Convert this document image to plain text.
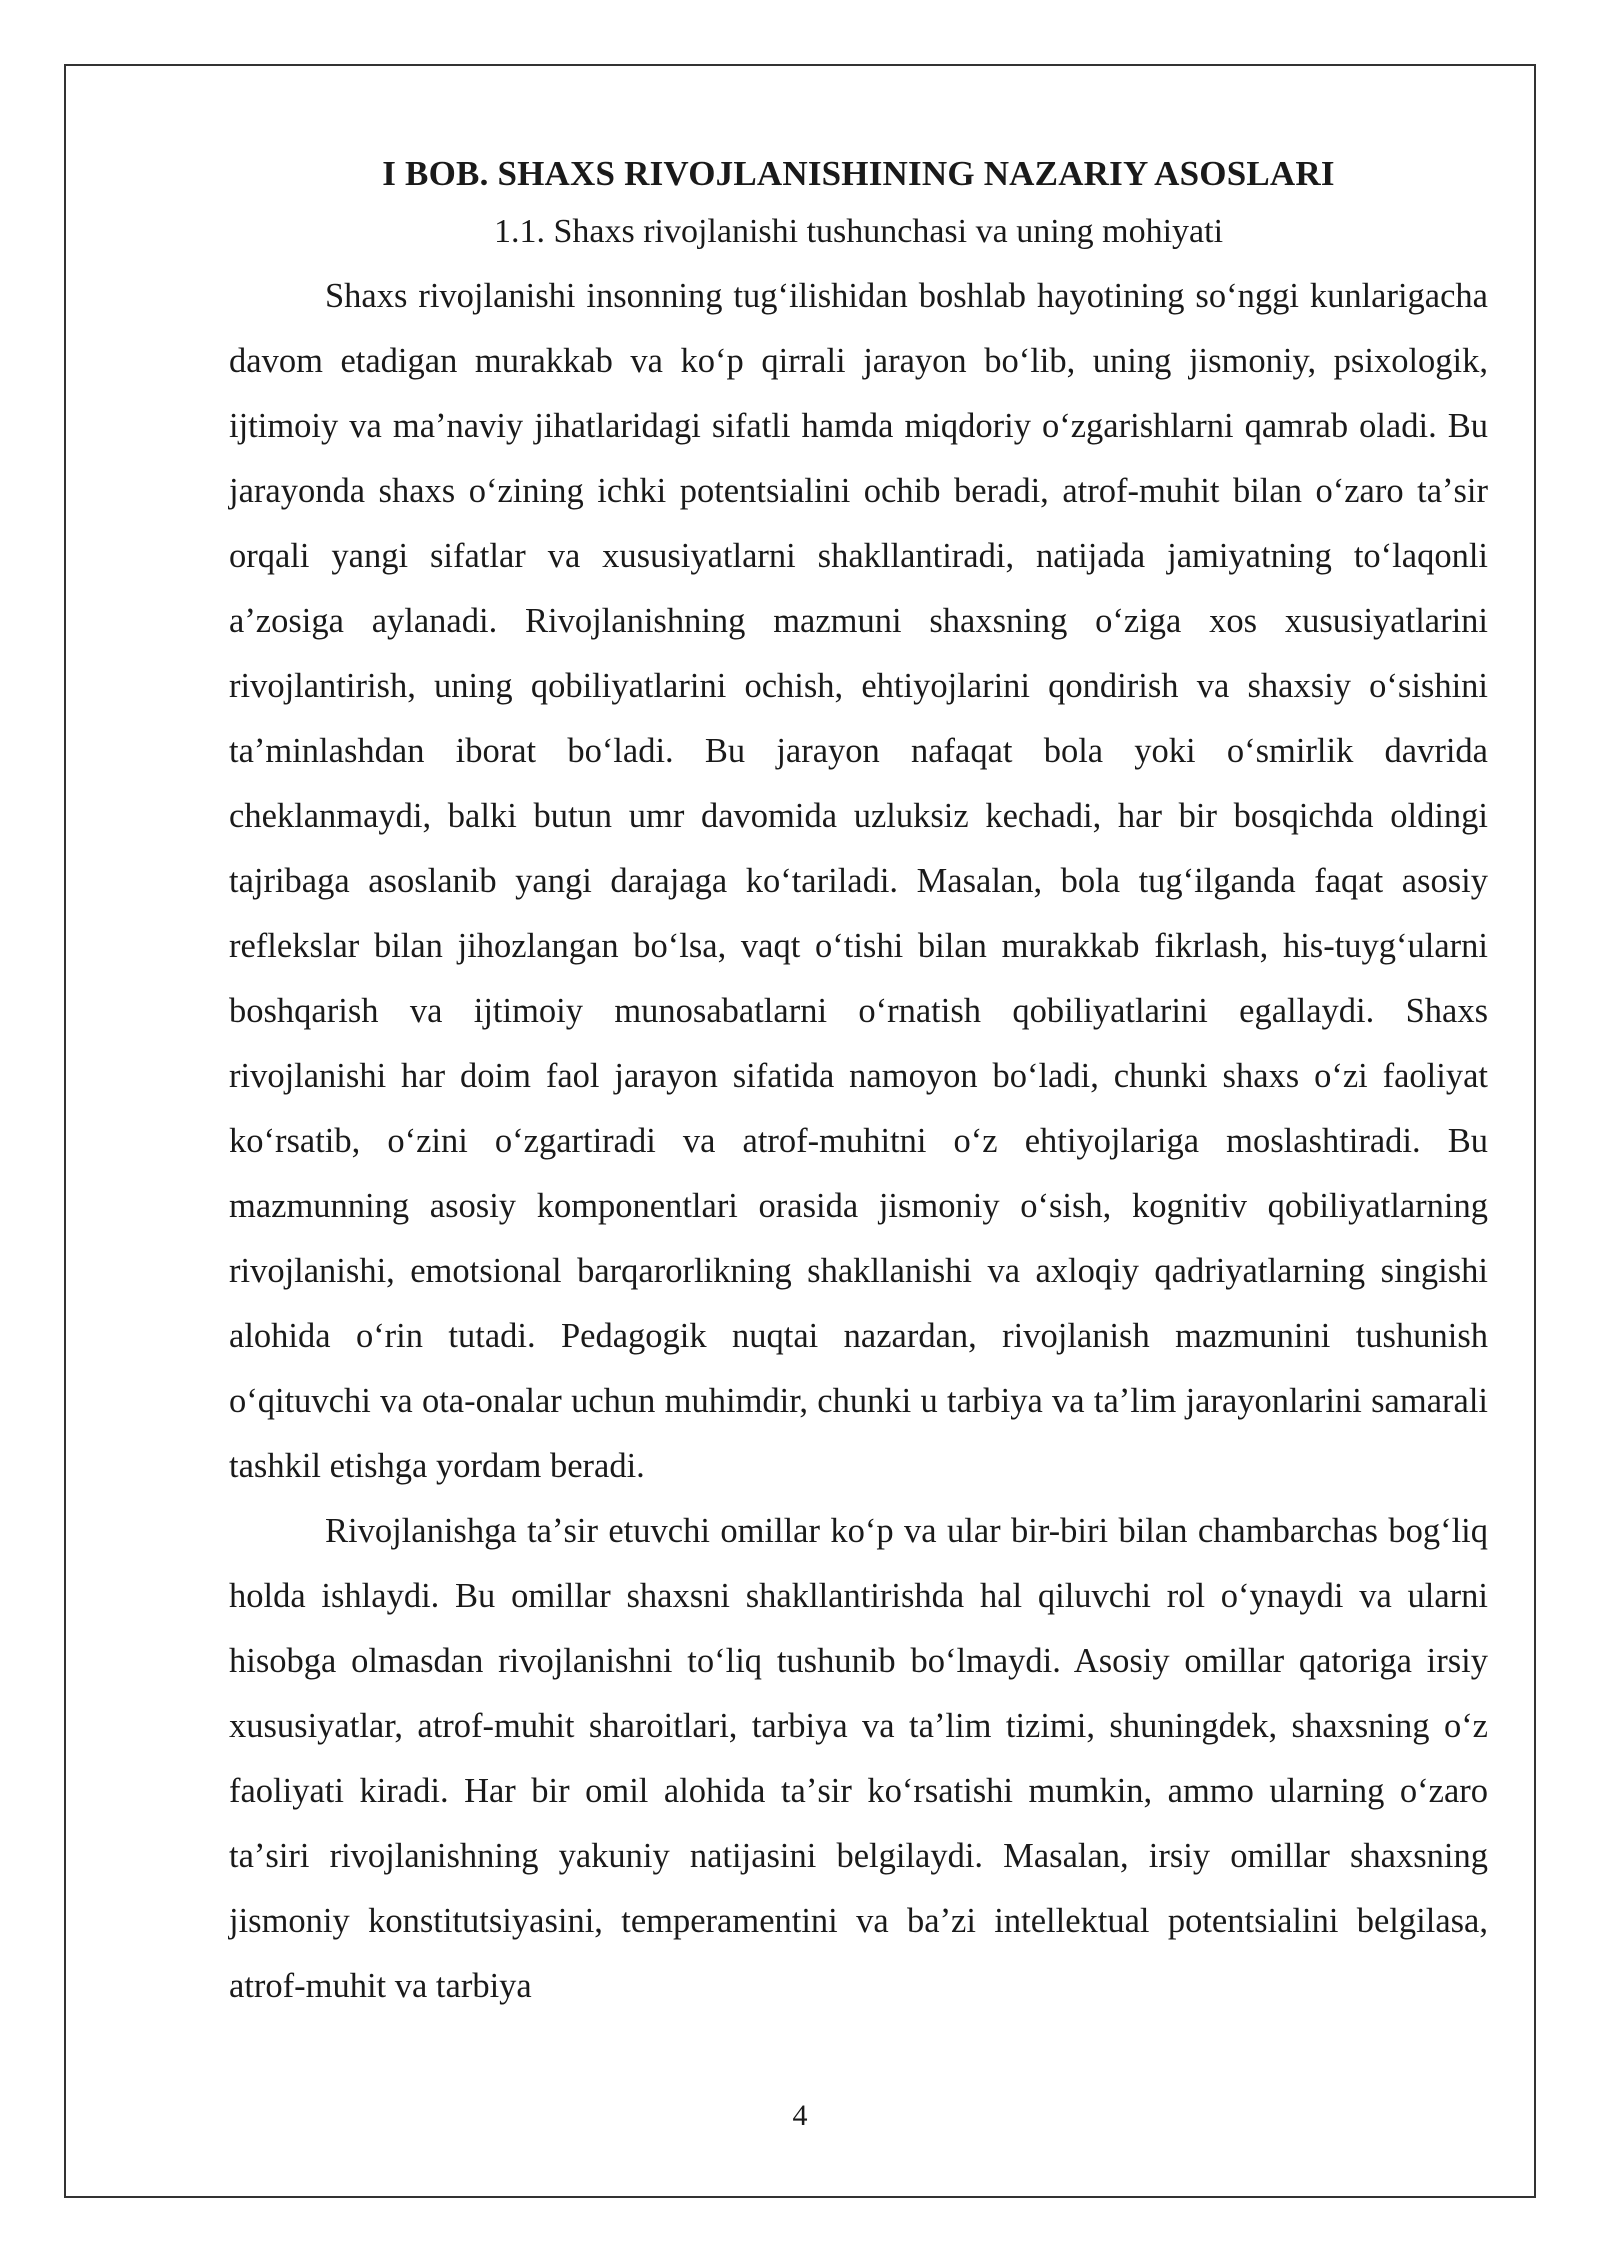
I BOB. SHAXS RIVOJLANISHINING NAZARIY ASOSLARI
1.1. Shaxs rivojlanishi tushunchasi va uning mohiyati

Shaxs rivojlanishi insonning tugʻilishidan boshlab hayotining soʻnggi kunlarigacha davom etadigan murakkab va koʻp qirrali jarayon boʻlib, uning jismoniy, psixologik, ijtimoiy va maʼnaviy jihatlaridagi sifatli hamda miqdoriy oʻzgarishlarni qamrab oladi. Bu jarayonda shaxs oʻzining ichki potentsialini ochib beradi, atrof-muhit bilan oʻzaro taʼsir orqali yangi sifatlar va xususiyatlarni shakllantiradi, natijada jamiyatning toʻlaqonli aʼzosiga aylanadi. Rivojlanishning mazmuni shaxsning oʻziga xos xususiyatlarini rivojlantirish, uning qobiliyatlarini ochish, ehtiyojlarini qondirish va shaxsiy oʻsishini taʼminlashdan iborat boʻladi. Bu jarayon nafaqat bola yoki oʻsmirlik davrida cheklanmaydi, balki butun umr davomida uzluksiz kechadi, har bir bosqichda oldingi tajribaga asoslanib yangi darajaga koʻtariladi. Masalan, bola tugʻilganda faqat asosiy reflekslar bilan jihozlangan boʻlsa, vaqt oʻtishi bilan murakkab fikrlash, his-tuygʻularni boshqarish va ijtimoiy munosabatlarni oʻrnatish qobiliyatlarini egallaydi. Shaxs rivojlanishi har doim faol jarayon sifatida namoyon boʻladi, chunki shaxs oʻzi faoliyat koʻrsatib, oʻzini oʻzgartiradi va atrof-muhitni oʻz ehtiyojlariga moslashtiradi. Bu mazmunning asosiy komponentlari orasida jismoniy oʻsish, kognitiv qobiliyatlarning rivojlanishi, emotsional barqarorlikning shakllanishi va axloqiy qadriyatlarning singishi alohida oʻrin tutadi. Pedagogik nuqtai nazardan, rivojlanish mazmunini tushunish oʻqituvchi va ota-onalar uchun muhimdir, chunki u tarbiya va taʼlim jarayonlarini samarali tashkil etishga yordam beradi.

Rivojlanishga taʼsir etuvchi omillar koʻp va ular bir-biri bilan chambarchas bogʻliq holda ishlaydi. Bu omillar shaxsni shakllantirishda hal qiluvchi rol oʻynaydi va ularni hisobga olmasdan rivojlanishni toʻliq tushunib boʻlmaydi. Asosiy omillar qatoriga irsiy xususiyatlar, atrof-muhit sharoitlari, tarbiya va taʼlim tizimi, shuningdek, shaxsning oʻz faoliyati kiradi. Har bir omil alohida taʼsir koʻrsatishi mumkin, ammo ularning oʻzaro taʼsiri rivojlanishning yakuniy natijasini belgilaydi. Masalan, irsiy omillar shaxsning jismoniy konstitutsiyasini, temperamentini va baʼzi intellektual potentsialini belgilasa, atrof-muhit va tarbiya

4
